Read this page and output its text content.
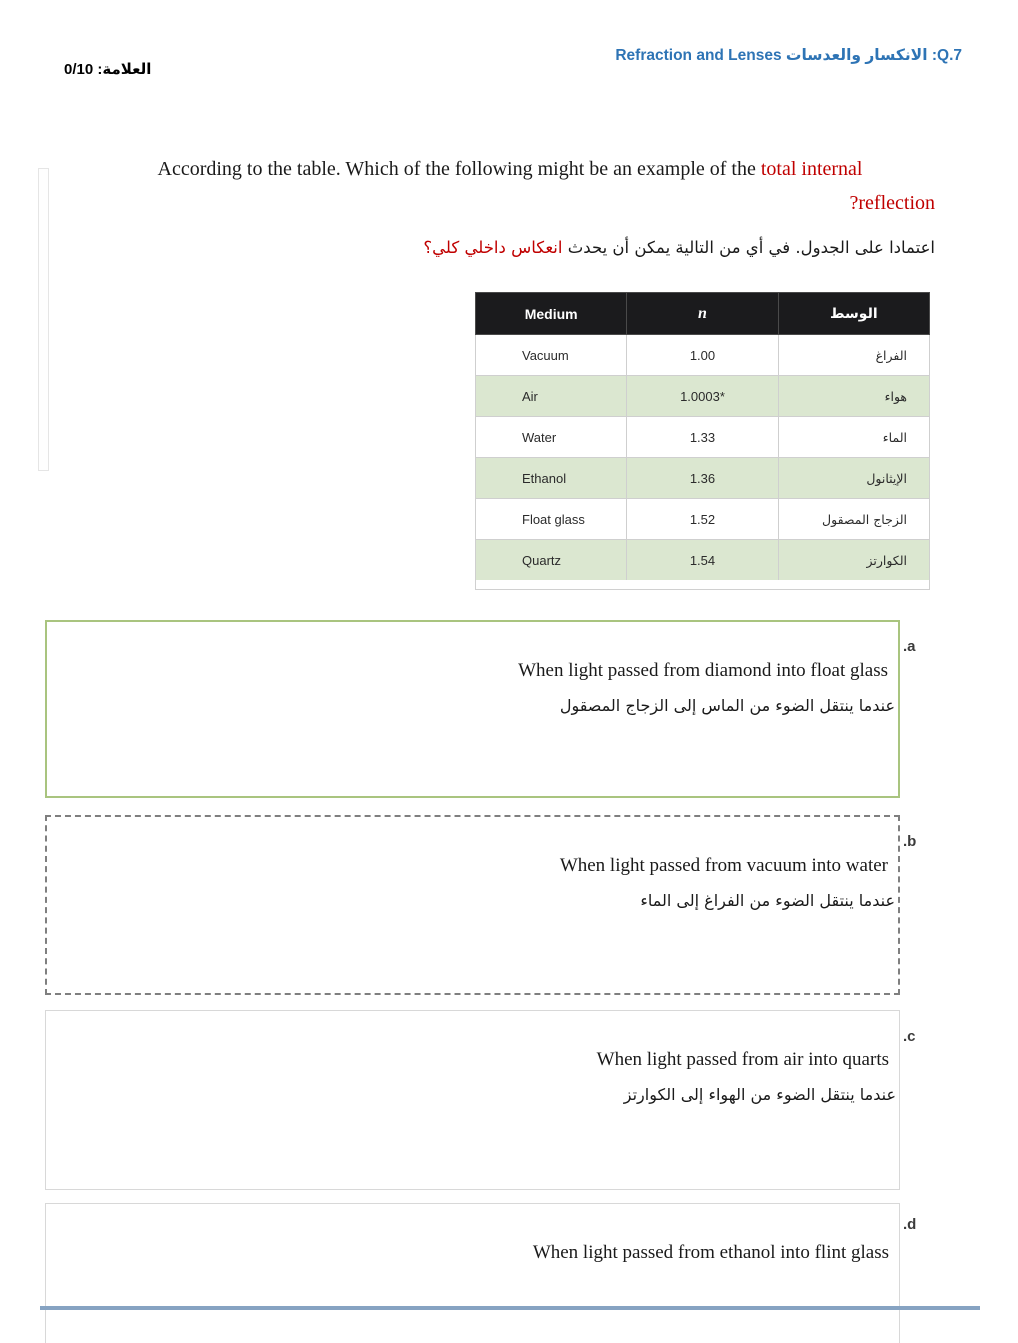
Q.7: الانكسار والعدسات Refraction and Lenses
العلامة: 0/10
According to the table. Which of the following might be an example of the total internal
?reflection
اعتمادا على الجدول. في أي من التالية يمكن أن يحدث انعكاس داخلي كلي؟
Medium	n	الوسط
Vacuum	1.00	الفراغ
Air	1.0003*	هواء
Water	1.33	الماء
Ethanol	1.36	الإيثانول
Float glass	1.52	الزجاج المصقول
Quartz	1.54	الكوارتز
When light passed from diamond into float glass
عندما ينتقل الضوء من الماس إلى الزجاج المصقول
.a
When light passed from vacuum into water
عندما ينتقل الضوء من الفراغ إلى الماء
.b
When light passed from air into quarts
عندما ينتقل الضوء من الهواء إلى الكوارتز
.c
When light passed from ethanol into flint glass
.d
